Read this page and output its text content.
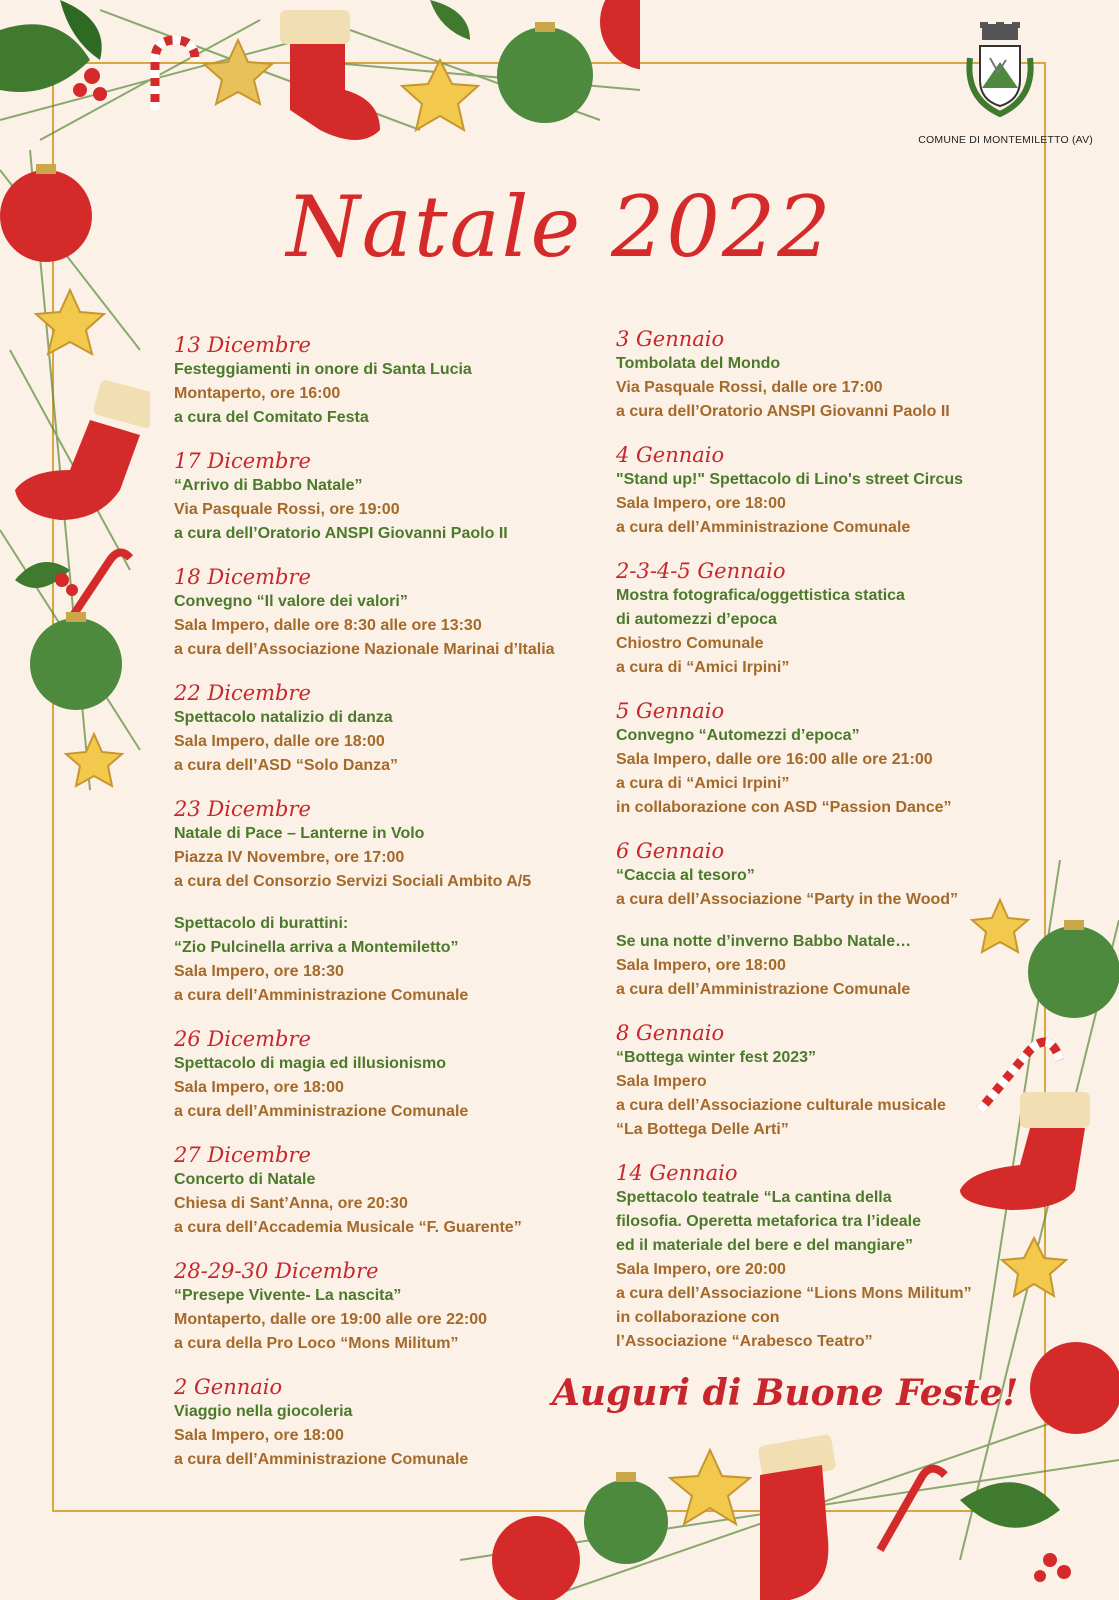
COMUNE DI MONTEMILETTO (AV)
Natale 2022
13 Dicembre
Festeggiamenti in onore di Santa Lucia
Montaperto, ore 16:00
a cura del Comitato Festa
17 Dicembre
“Arrivo di Babbo Natale”
Via Pasquale Rossi, ore 19:00
a cura dell’Oratorio ANSPI Giovanni Paolo II
18 Dicembre
Convegno “Il valore dei valori”
Sala Impero, dalle ore 8:30 alle ore 13:30
a cura dell’Associazione Nazionale Marinai d’Italia
22 Dicembre
Spettacolo natalizio di danza
Sala Impero, dalle ore 18:00
a cura dell’ASD “Solo Danza”
23 Dicembre
Natale di Pace – Lanterne in Volo
Piazza IV Novembre, ore 17:00
a cura del Consorzio Servizi Sociali Ambito A/5
Spettacolo di burattini:
“Zio Pulcinella arriva a Montemiletto”
Sala Impero, ore 18:30
a cura dell’Amministrazione Comunale
26 Dicembre
Spettacolo di magia ed illusionismo
Sala Impero, ore 18:00
a cura dell’Amministrazione Comunale
27 Dicembre
Concerto di Natale
Chiesa di Sant’Anna, ore 20:30
a cura dell’Accademia Musicale “F. Guarente”
28-29-30 Dicembre
“Presepe Vivente- La nascita”
Montaperto, dalle ore 19:00 alle ore 22:00
a cura della Pro Loco “Mons Militum”
2 Gennaio
Viaggio nella giocoleria
Sala Impero, ore 18:00
a cura dell’Amministrazione Comunale
3 Gennaio
Tombolata del Mondo
Via Pasquale Rossi, dalle ore 17:00
a cura dell’Oratorio ANSPI Giovanni Paolo II
4 Gennaio
"Stand up!" Spettacolo di Lino's street Circus
Sala Impero, ore 18:00
a cura dell’Amministrazione Comunale
2-3-4-5 Gennaio
Mostra fotografica/oggettistica statica
di automezzi d’epoca
Chiostro Comunale
a cura di “Amici Irpini”
5 Gennaio
Convegno “Automezzi d’epoca”
Sala Impero, dalle ore 16:00 alle ore 21:00
a cura di “Amici Irpini”
in collaborazione con ASD “Passion Dance”
6 Gennaio
“Caccia al tesoro”
a cura dell’Associazione “Party in the Wood”
Se una notte d’inverno Babbo Natale…
Sala Impero, ore 18:00
a cura dell’Amministrazione Comunale
8 Gennaio
“Bottega winter fest 2023”
Sala Impero
a cura dell’Associazione culturale musicale
“La Bottega Delle Arti”
14 Gennaio
Spettacolo teatrale “La cantina della
filosofia. Operetta metaforica tra l’ideale
ed il materiale del bere e del mangiare”
Sala Impero, ore 20:00
a cura dell’Associazione “Lions Mons Militum”
in collaborazione con
l’Associazione “Arabesco Teatro”
Auguri di Buone Feste!
